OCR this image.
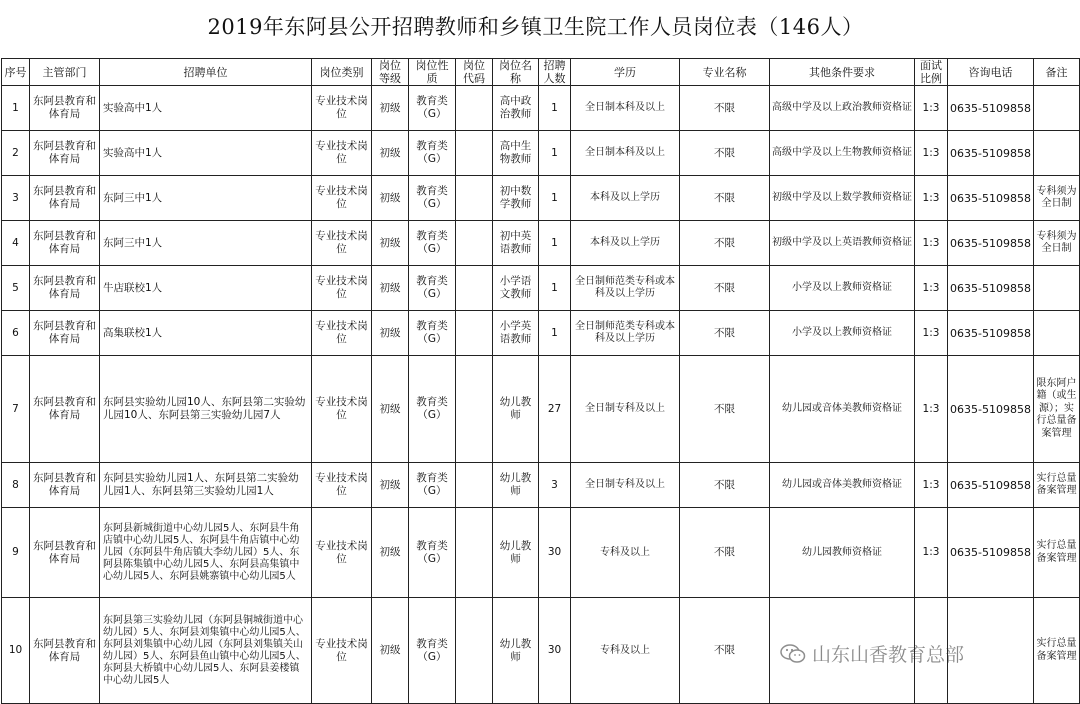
2019年东阿县公开招聘教师和乡镇卫生院工作人员岗位表（146人）
序号	主管部门	招聘单位	岗位类别	岗位等级	岗位性质	岗位代码	岗位名称	招聘人数	学历	专业名称	其他条件要求	面试比例	咨询电话	备注
1	东阿县教育和体育局	实验高中1人	专业技术岗位	初级	教育类（G）		高中政治教师	1	全日制本科及以上	不限	高级中学及以上政治教师资格证	1:3	0635-5109858	
2	东阿县教育和体育局	实验高中1人	专业技术岗位	初级	教育类（G）		高中生物教师	1	全日制本科及以上	不限	高级中学及以上生物教师资格证	1:3	0635-5109858	
3	东阿县教育和体育局	东阿三中1人	专业技术岗位	初级	教育类（G）		初中数学教师	1	本科及以上学历	不限	初级中学及以上数学教师资格证	1:3	0635-5109858	专科须为全日制
4	东阿县教育和体育局	东阿三中1人	专业技术岗位	初级	教育类（G）		初中英语教师	1	本科及以上学历	不限	初级中学及以上英语教师资格证	1:3	0635-5109858	专科须为全日制
5	东阿县教育和体育局	牛店联校1人	专业技术岗位	初级	教育类（G）		小学语文教师	1	全日制师范类专科或本科及以上学历	不限	小学及以上教师资格证	1:3	0635-5109858	
6	东阿县教育和体育局	高集联校1人	专业技术岗位	初级	教育类（G）		小学英语教师	1	全日制师范类专科或本科及以上学历	不限	小学及以上教师资格证	1:3	0635-5109858	
7	东阿县教育和体育局	东阿县实验幼儿园10人、东阿县第二实验幼儿园10人、东阿县第三实验幼儿园7人	专业技术岗位	初级	教育类（G）		幼儿教师	27	全日制专科及以上	不限	幼儿园或音体美教师资格证	1:3	0635-5109858	限东阿户籍（或生源）；实行总量备案管理
8	东阿县教育和体育局	东阿县实验幼儿园1人、东阿县第二实验幼儿园1人、东阿县第三实验幼儿园1人	专业技术岗位	初级	教育类（G）		幼儿教师	3	全日制专科及以上	不限	幼儿园或音体美教师资格证	1:3	0635-5109858	实行总量备案管理
9	东阿县教育和体育局	东阿县新城街道中心幼儿园5人、东阿县牛角店镇中心幼儿园5人、东阿县牛角店镇中心幼儿园（东阿县牛角店镇大李幼儿园）5人、东阿县陈集镇中心幼儿园5人、东阿县高集镇中心幼儿园5人、东阿县姚寨镇中心幼儿园5人	专业技术岗位	初级	教育类（G）		幼儿教师	30	专科及以上	不限	幼儿园教师资格证	1:3	0635-5109858	实行总量备案管理
10	东阿县教育和体育局	东阿县第三实验幼儿园（东阿县铜城街道中心幼儿园）5人、东阿县刘集镇中心幼儿园5人、东阿县刘集镇中心幼儿园（东阿县刘集镇关山幼儿园）5人、东阿县鱼山镇中心幼儿园5人、东阿县大桥镇中心幼儿园5人、东阿县姜楼镇中心幼儿园5人	专业技术岗位	初级	教育类（G）		幼儿教师	30	专科及以上	不限				实行总量备案管理
山东山香教育总部
